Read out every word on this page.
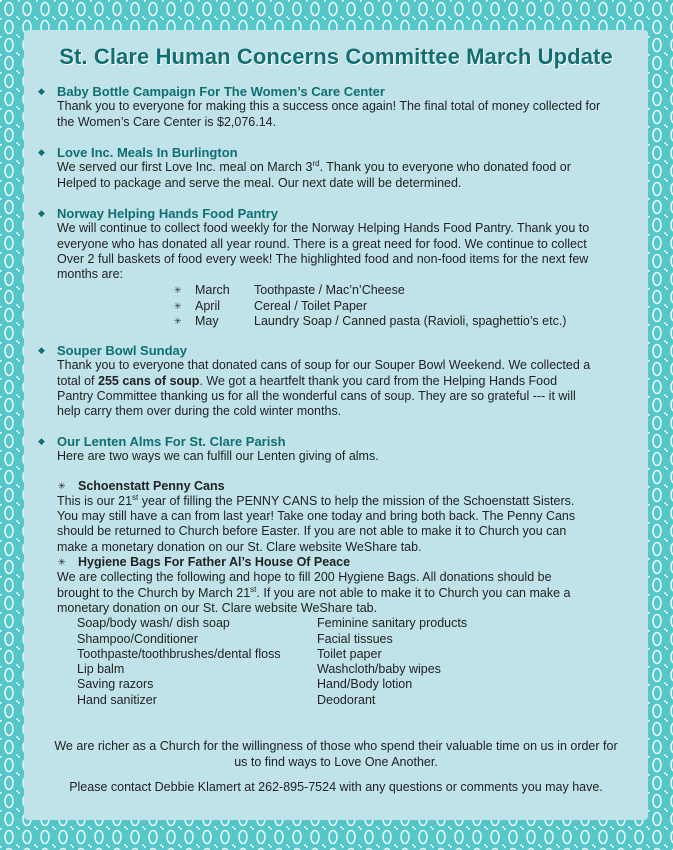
St. Clare Human Concerns Committee March Update
◆ Baby Bottle Campaign For The Women’s Care Center

Thank you to everyone for making this a success once again! The final total of money collected for

the Women’s Care Center is $2,076.14.

◆ Love Inc. Meals In Burlington

We served our first Love Inc. meal on March 3rd. Thank you to everyone who donated food or

Helped to package and serve the meal. Our next date will be determined.

◆ Norway Helping Hands Food Pantry

We will continue to collect food weekly for the Norway Helping Hands Food Pantry. Thank you to

everyone who has donated all year round. There is a great need for food. We continue to collect

Over 2 full baskets of food every week! The highlighted food and non-food items for the next few

months are:

✳	March	Toothpaste / Mac’n’Cheese
✳	April	Cereal / Toilet Paper
✳	May	Laundry Soap / Canned pasta (Ravioli, spaghettio’s etc.)
◆ Souper Bowl Sunday

Thank you to everyone that donated cans of soup for our Souper Bowl Weekend. We collected a

total of 255 cans of soup. We got a heartfelt thank you card from the Helping Hands Food

Pantry Committee thanking us for all the wonderful cans of soup. They are so grateful --- it will

help carry them over during the cold winter months.

◆ Our Lenten Alms For St. Clare Parish

Here are two ways we can fulfill our Lenten giving of alms.

✳ Schoenstatt Penny Cans

This is our 21st year of filling the PENNY CANS to help the mission of the Schoenstatt Sisters.

You may still have a can from last year! Take one today and bring both back. The Penny Cans

should be returned to Church before Easter. If you are not able to make it to Church you can

make a monetary donation on our St. Clare website WeShare tab.

✳ Hygiene Bags For Father Al’s House Of Peace

We are collecting the following and hope to fill 200 Hygiene Bags. All donations should be

brought to the Church by March 21st. If you are not able to make it to Church you can make a

monetary donation on our St. Clare website WeShare tab.

Soap/body wash/ dish soap	Feminine sanitary products
Shampoo/Conditioner	Facial tissues
Toothpaste/toothbrushes/dental floss	Toilet paper
Lip balm	Washcloth/baby wipes
Saving razors	Hand/Body lotion
Hand sanitizer	Deodorant
We are richer as a Church for the willingness of those who spend their valuable time on us in order for
us to find ways to Love One Another.
Please contact Debbie Klamert at 262-895-7524 with any questions or comments you may have.
